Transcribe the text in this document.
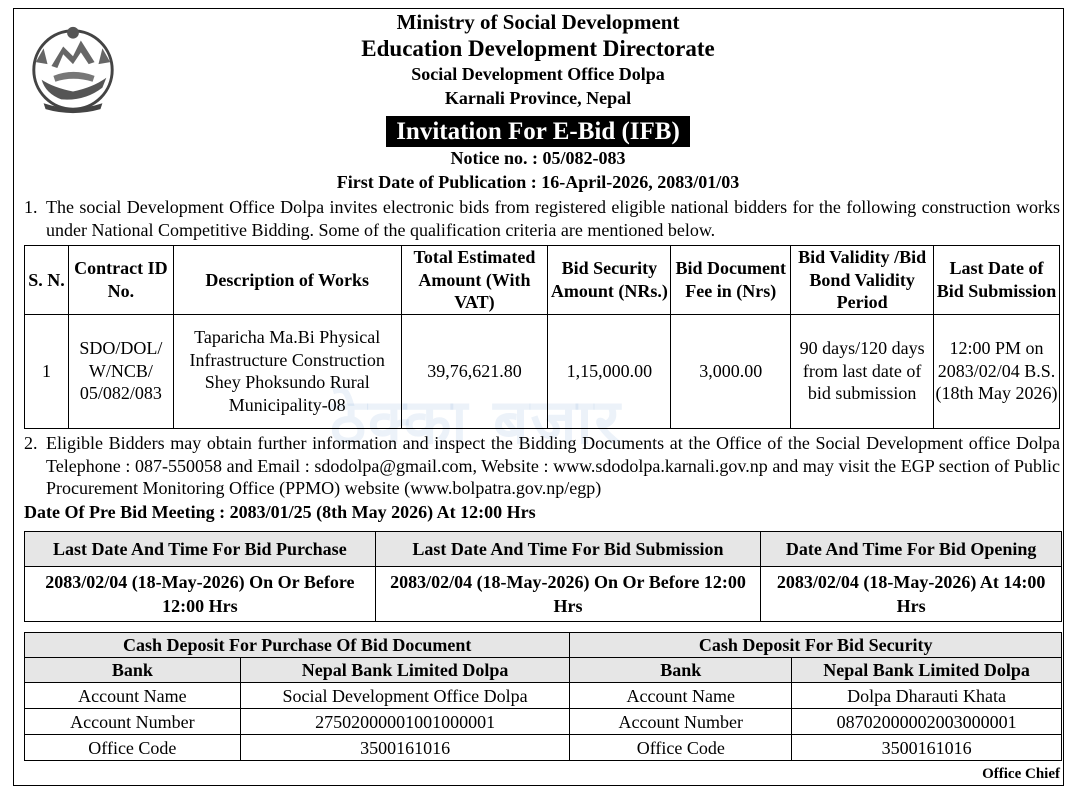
Ministry of Social Development
Education Development Directorate
Social Development Office Dolpa
Karnali Province, Nepal
Invitation For E-Bid (IFB)
Notice no. : 05/082-083
First Date of Publication : 16-April-2026, 2083/01/03
1. The social Development Office Dolpa invites electronic bids from registered eligible national bidders for the following construction works under National Competitive Bidding. Some of the qualification criteria are mentioned below.
ठेक्का बजार
S. N.	Contract ID No.	Description of Works	Total Estimated Amount (With VAT)	Bid Security Amount (NRs.)	Bid Document Fee in (Nrs)	Bid Validity /Bid Bond Validity Period	Last Date of Bid Submission
1	SDO/DOL/ W/NCB/ 05/082/083	Taparicha Ma.Bi Physical Infrastructure Construction Shey Phoksundo Rural Municipality-08	39,76,621.80	1,15,000.00	3,000.00	90 days/120 days from last date of bid submission	12:00 PM on 2083/02/04 B.S.(18th May 2026)
2. Eligible Bidders may obtain further information and inspect the Bidding Documents at the Office of the Social Development office Dolpa Telephone : 087-550058 and Email : sdodolpa@gmail.com, Website : www.sdodolpa.karnali.gov.np and may visit the EGP section of Public Procurement Monitoring Office (PPMO) website (www.bolpatra.gov.np/egp)
Date Of Pre Bid Meeting : 2083/01/25 (8th May 2026) At 12:00 Hrs
Last Date And Time For Bid Purchase	Last Date And Time For Bid Submission	Date And Time For Bid Opening
2083/02/04 (18-May-2026) On Or Before 12:00 Hrs	2083/02/04 (18-May-2026) On Or Before 12:00 Hrs	2083/02/04 (18-May-2026) At 14:00 Hrs
Cash Deposit For Purchase Of Bid Document		Cash Deposit For Bid Security	
Bank	Nepal Bank Limited Dolpa	Bank	Nepal Bank Limited Dolpa
Account Name	Social Development Office Dolpa	Account Name	Dolpa Dharauti Khata
Account Number	27502000001001000001	Account Number	08702000002003000001
Office Code	3500161016	Office Code	3500161016
Office Chief
